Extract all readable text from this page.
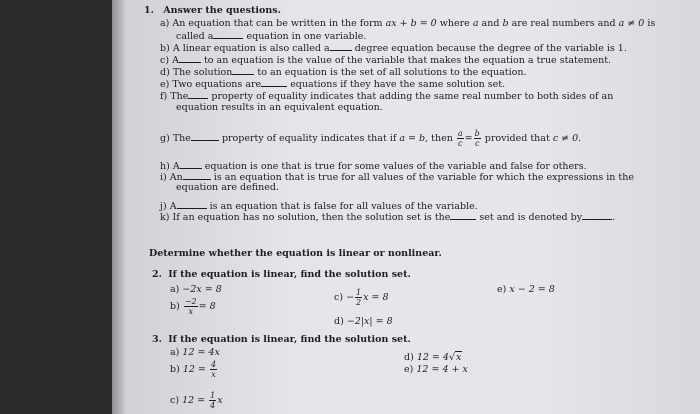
1. Answer the questions.
a) An equation that can be written in the form ax + b = 0 where a and b are real numbers and a ≠ 0 is
called a	equation in one variable.
b) A linear equation is also called a	degree equation because the degree of the variable is 1.
c) A	to an equation is the value of the variable that makes the equation a true statement.
d) The solution	to an equation is the set of all solutions to the equation.
e) Two equations are	equations if they have the same solution set.
f) The property of equality indicates that adding the same real number to both sides of an
equation results in an equivalent equation.
g) The	property of equality indicates that if a = b, then $\frac{a}{c} = \frac{b}{c}$ provided that c ≠ 0.
h) A	equation is one that is true for some values of the variable and false for others.
i) An	is an equation that is true for all values of the variable for which the expressions in the
equation are defined.
j) A	is an equation that is false for all values of the variable.
k) If an equation has no solution, then the solution set is the	set and is denoted by	.
Determine whether the equation is linear or nonlinear.
2. If the equation is linear, find the solution set.
a) −2x = 8
$b) \frac{-2}{x} = 8$
$c) - \frac{1}{2}$ x = 8
d) −2|x| = 8
e) x − 2 = 8
3. If the equation is linear, find the solution set.
a) 12 = 4x
b) $12 = \frac{4}{x}$
c) $12 = \frac{1}{4}$ x
d) 12 = 4√x
e) 12 = 4 + x
